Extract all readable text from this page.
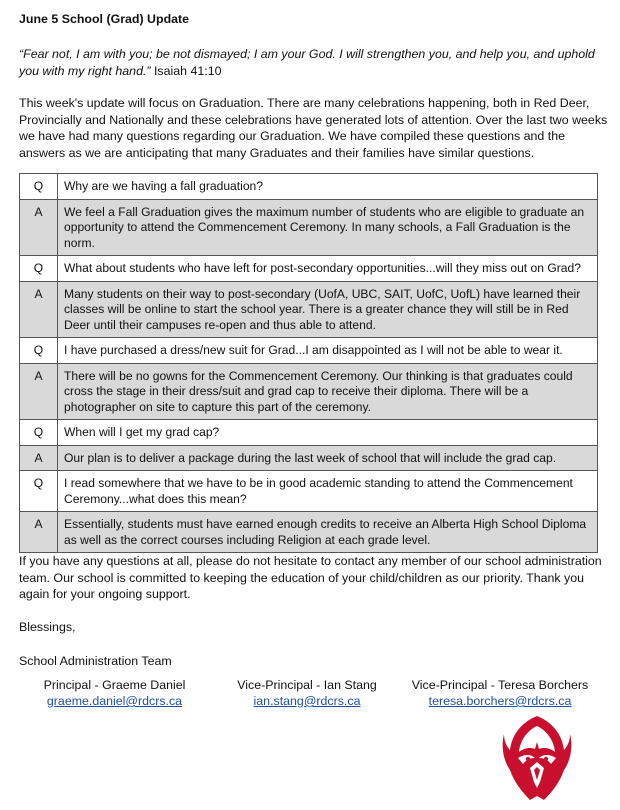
June 5 School (Grad) Update
“Fear not, I am with you; be not dismayed; I am your God. I will strengthen you, and help you, and uphold you with my right hand.” Isaiah 41:10
This week's update will focus on Graduation. There are many celebrations happening, both in Red Deer, Provincially and Nationally and these celebrations have generated lots of attention. Over the last two weeks we have had many questions regarding our Graduation. We have compiled these questions and the answers as we are anticipating that many Graduates and their families have similar questions.
Q	Why are we having a fall graduation?
A	We feel a Fall Graduation gives the maximum number of students who are eligible to graduate an opportunity to attend the Commencement Ceremony. In many schools, a Fall Graduation is the norm.
Q	What about students who have left for post-secondary opportunities...will they miss out on Grad?
A	Many students on their way to post-secondary (UofA, UBC, SAIT, UofC, UofL) have learned their classes will be online to start the school year. There is a greater chance they will still be in Red Deer until their campuses re-open and thus able to attend.
Q	I have purchased a dress/new suit for Grad...I am disappointed as I will not be able to wear it.
A	There will be no gowns for the Commencement Ceremony. Our thinking is that graduates could cross the stage in their dress/suit and grad cap to receive their diploma. There will be a photographer on site to capture this part of the ceremony.
Q	When will I get my grad cap?
A	Our plan is to deliver a package during the last week of school that will include the grad cap.
Q	I read somewhere that we have to be in good academic standing to attend the Commencement Ceremony...what does this mean?
A	Essentially, students must have earned enough credits to receive an Alberta High School Diploma as well as the correct courses including Religion at each grade level.
If you have any questions at all, please do not hesitate to contact any member of our school administration team. Our school is committed to keeping the education of your child/children as our priority. Thank you again for your ongoing support.
Blessings,
School Administration Team
Principal - Graeme Daniel
graeme.daniel@rdcrs.ca
Vice-Principal - Ian Stang
ian.stang@rdcrs.ca
Vice-Principal - Teresa Borchers
teresa.borchers@rdcrs.ca
